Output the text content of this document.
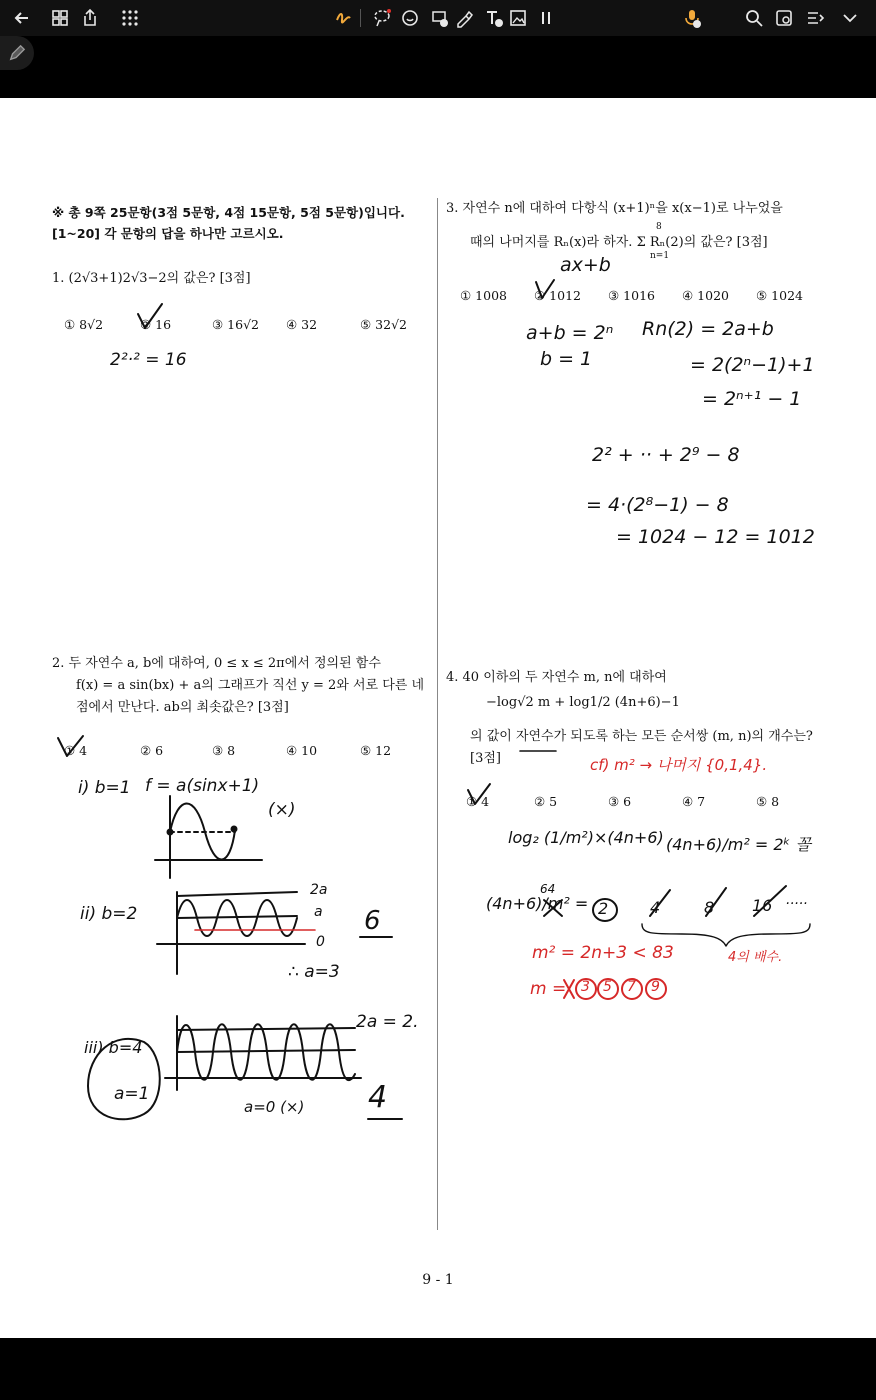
※ 총 9쪽 25문항(3점 5문항, 4점 15문항, 5점 5문항)입니다.
[1~20] 각 문항의 답을 하나만 고르시오.
1. (2√3+1)2√3−2의 값은? [3점]
① 8√2	② 16	③ 16√2 ④ 32	⑤ 32√2
2²·² = 16
2. 두 자연수 a, b에 대하여, 0 ≤ x ≤ 2π에서 정의된 함수
f(x) = a sin(bx) + a의 그래프가 직선 y = 2와 서로 다른 네
점에서 만난다. ab의 최솟값은? [3점]
① 4	② 6	③ 8	④ 10	⑤ 12
i) b=1 f = a(sinx+1)
(×)
ii) b=2
2a
a
0
∴ a=3
6
iii) b=4
a=1
2a = 2.
a=0 (×) 4
3. 자연수 n에 대하여 다항식 (x+1)ⁿ을 x(x−1)로 나누었을
때의 나머지를 Rₙ(x)라 하자. Σ Rₙ(2)의 값은? [3점]
8
n=1
① 1008 ② 1012 ③ 1016 ④ 1020 ⑤ 1024
ax+b
a+b = 2ⁿ
b = 1
Rn(2) = 2a+b
= 2(2ⁿ−1)+1
= 2ⁿ⁺¹ − 1
2² + ·· + 2⁹ − 8
= 4·(2⁸−1) − 8
= 1024 − 12 = 1012
4. 40 이하의 두 자연수 m, n에 대하여
−log√2 m + log1/2 (4n+6)−1
의 값이 자연수가 되도록 하는 모든 순서쌍 (m, n)의 개수는?
[3점]
① 4	② 5	③ 6	④ 7	⑤ 8
cf) m² → 나머지 {0,1,4}.
log₂ (1/m²)×(4n+6) (4n+6)/m² = 2ᵏ 꼴
(4n+6)/m² =
64
2	4	8 16 .....
4의 배수.
m² = 2n+3 < 83
m = 3 5 7 9
9 - 1
